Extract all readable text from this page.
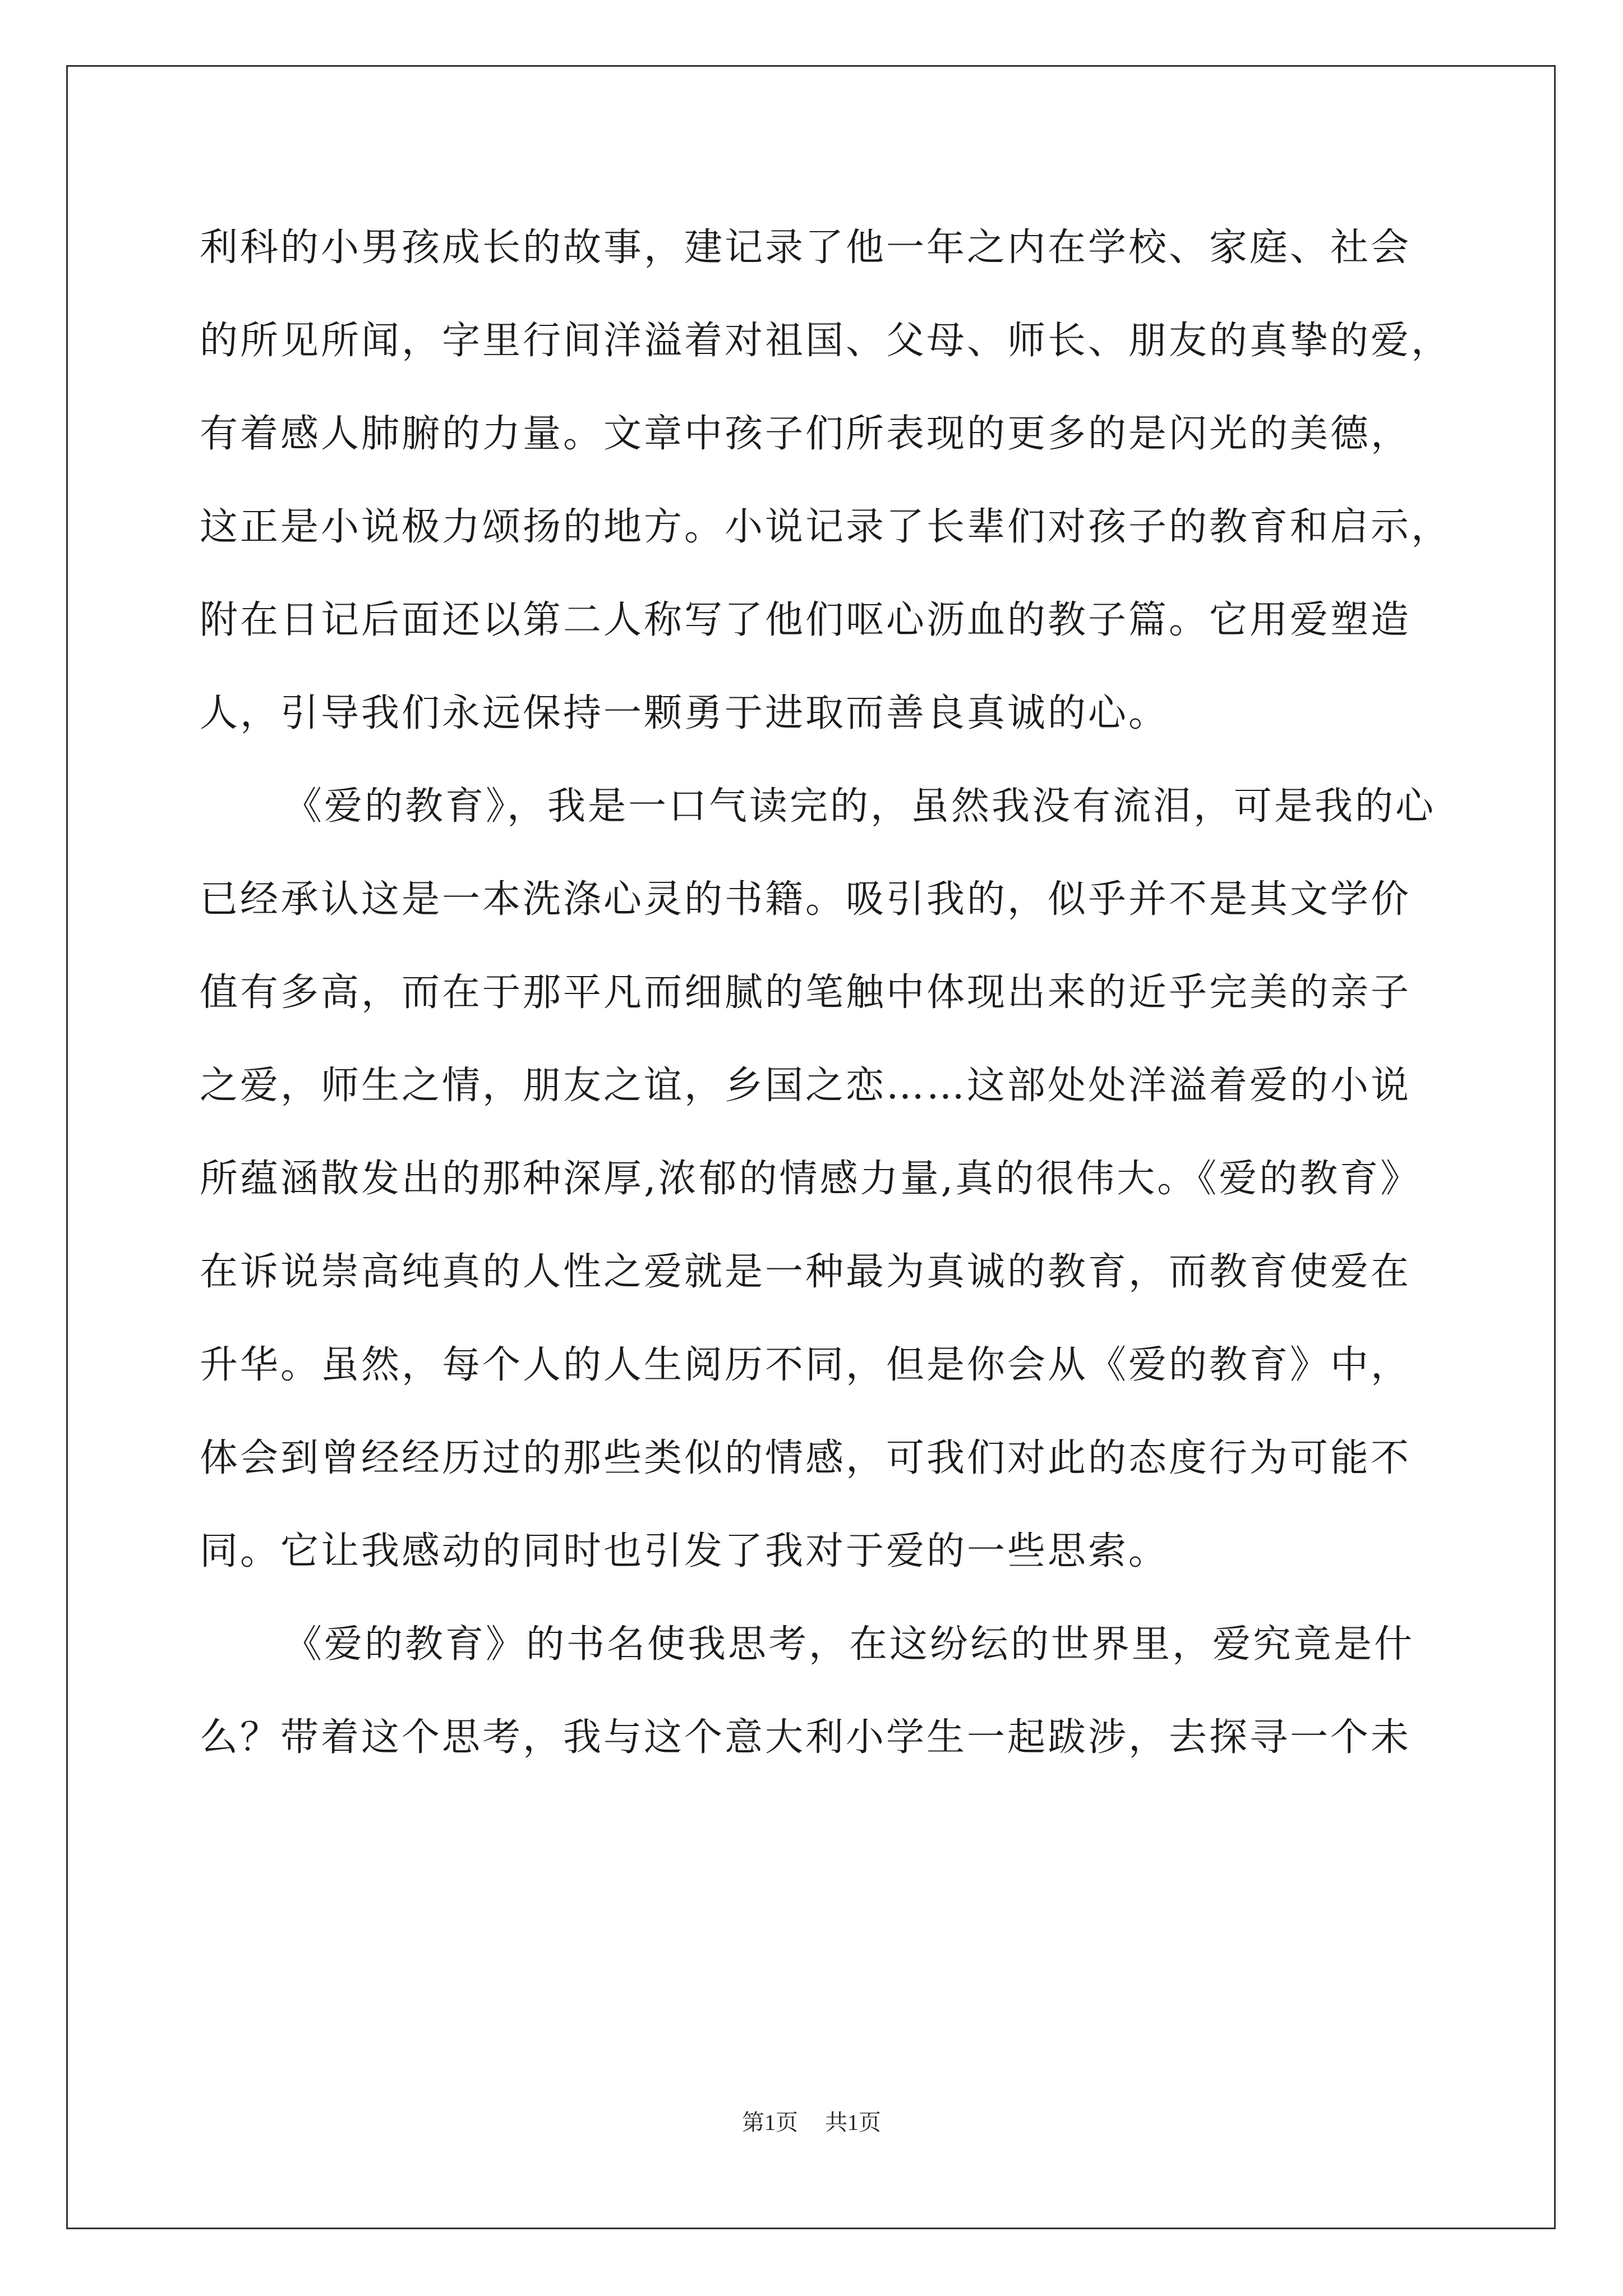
利科的小男孩成长的故事，建记录了他一年之内在学校、家庭、社会
的所见所闻，字里行间洋溢着对祖国、父母、师长、朋友的真挚的爱，
有着感人肺腑的力量。文章中孩子们所表现的更多的是闪光的美德，
这正是小说极力颂扬的地方。小说记录了长辈们对孩子的教育和启示，
附在日记后面还以第二人称写了他们呕心沥血的教子篇。它用爱塑造
人，引导我们永远保持一颗勇于进取而善良真诚的心。
《爱的教育》，我是一口气读完的，虽然我没有流泪，可是我的心
已经承认这是一本洗涤心灵的书籍。吸引我的，似乎并不是其文学价
值有多高，而在于那平凡而细腻的笔触中体现出来的近乎完美的亲子
之爱，师生之情，朋友之谊，乡国之恋……这部处处洋溢着爱的小说
所蕴涵散发出的那种深厚,浓郁的情感力量,真的很伟大。《爱的教育》
在诉说崇高纯真的人性之爱就是一种最为真诚的教育，而教育使爱在
升华。虽然，每个人的人生阅历不同，但是你会从《爱的教育》中，
体会到曾经经历过的那些类似的情感，可我们对此的态度行为可能不
同。它让我感动的同时也引发了我对于爱的一些思索。
《爱的教育》的书名使我思考，在这纷纭的世界里，爱究竟是什
么？带着这个思考，我与这个意大利小学生一起跋涉，去探寻一个未
第1页 共1页
